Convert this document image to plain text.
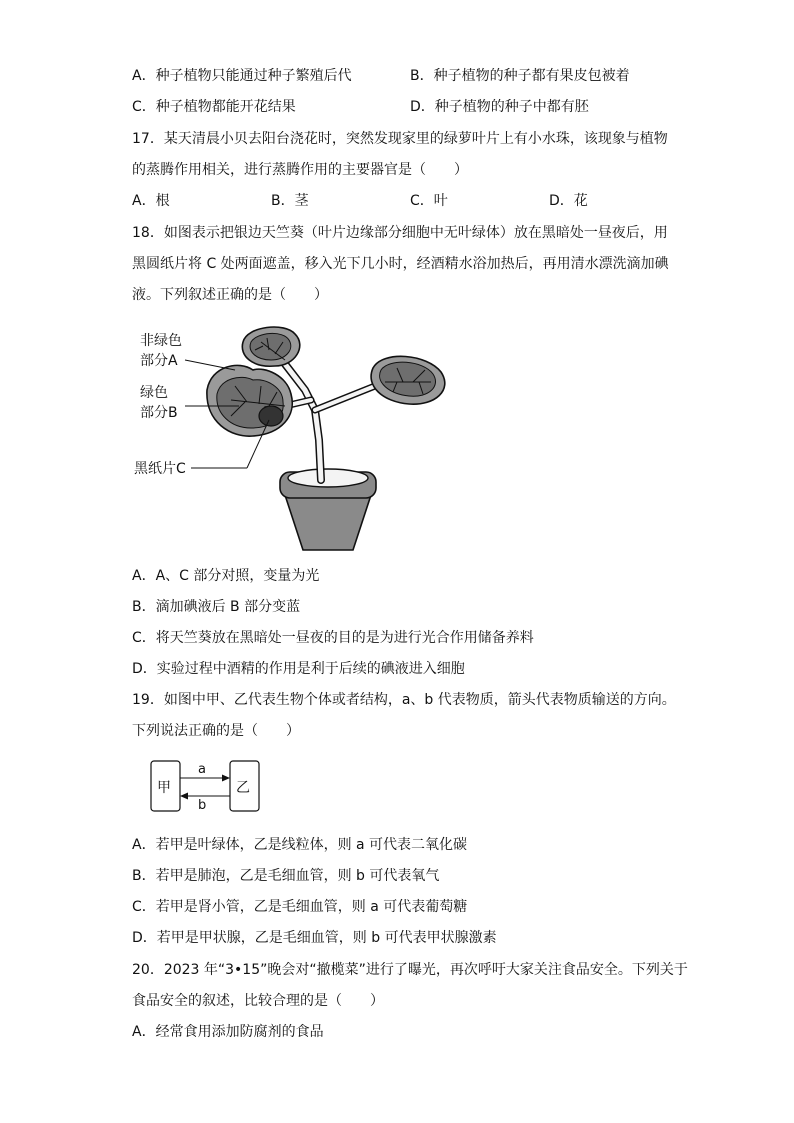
A．种子植物只能通过种子繁殖后代	B．种子植物的种子都有果皮包被着
C．种子植物都能开花结果	D．种子植物的种子中都有胚
17．某天清晨小贝去阳台浇花时，突然发现家里的绿萝叶片上有小水珠，该现象与植物
的蒸腾作用相关，进行蒸腾作用的主要器官是（　　）
A．根	B．茎	C．叶	D．花
18．如图表示把银边天竺葵（叶片边缘部分细胞中无叶绿体）放在黑暗处一昼夜后，用
黑圆纸片将 C 处两面遮盖，移入光下几小时，经酒精水浴加热后，再用清水漂洗滴加碘
液。下列叙述正确的是（　　）
非绿色
部分A
绿色
部分B
黑纸片C
A．A、C 部分对照，变量为光
B．滴加碘液后 B 部分变蓝
C．将天竺葵放在黑暗处一昼夜的目的是为进行光合作用储备养料
D．实验过程中酒精的作用是利于后续的碘液进入细胞
19．如图中甲、乙代表生物个体或者结构，a、b 代表物质，箭头代表物质输送的方向。
下列说法正确的是（　　）
甲	乙
a
b
A．若甲是叶绿体，乙是线粒体，则 a 可代表二氧化碳
B．若甲是肺泡，乙是毛细血管，则 b 可代表氧气
C．若甲是肾小管，乙是毛细血管，则 a 可代表葡萄糖
D．若甲是甲状腺，乙是毛细血管，则 b 可代表甲状腺激素
20．2023 年“3•15”晚会对“撤榄菜”进行了曝光，再次呼吁大家关注食品安全。下列关于
食品安全的叙述，比较合理的是（　　）
A．经常食用添加防腐剂的食品
